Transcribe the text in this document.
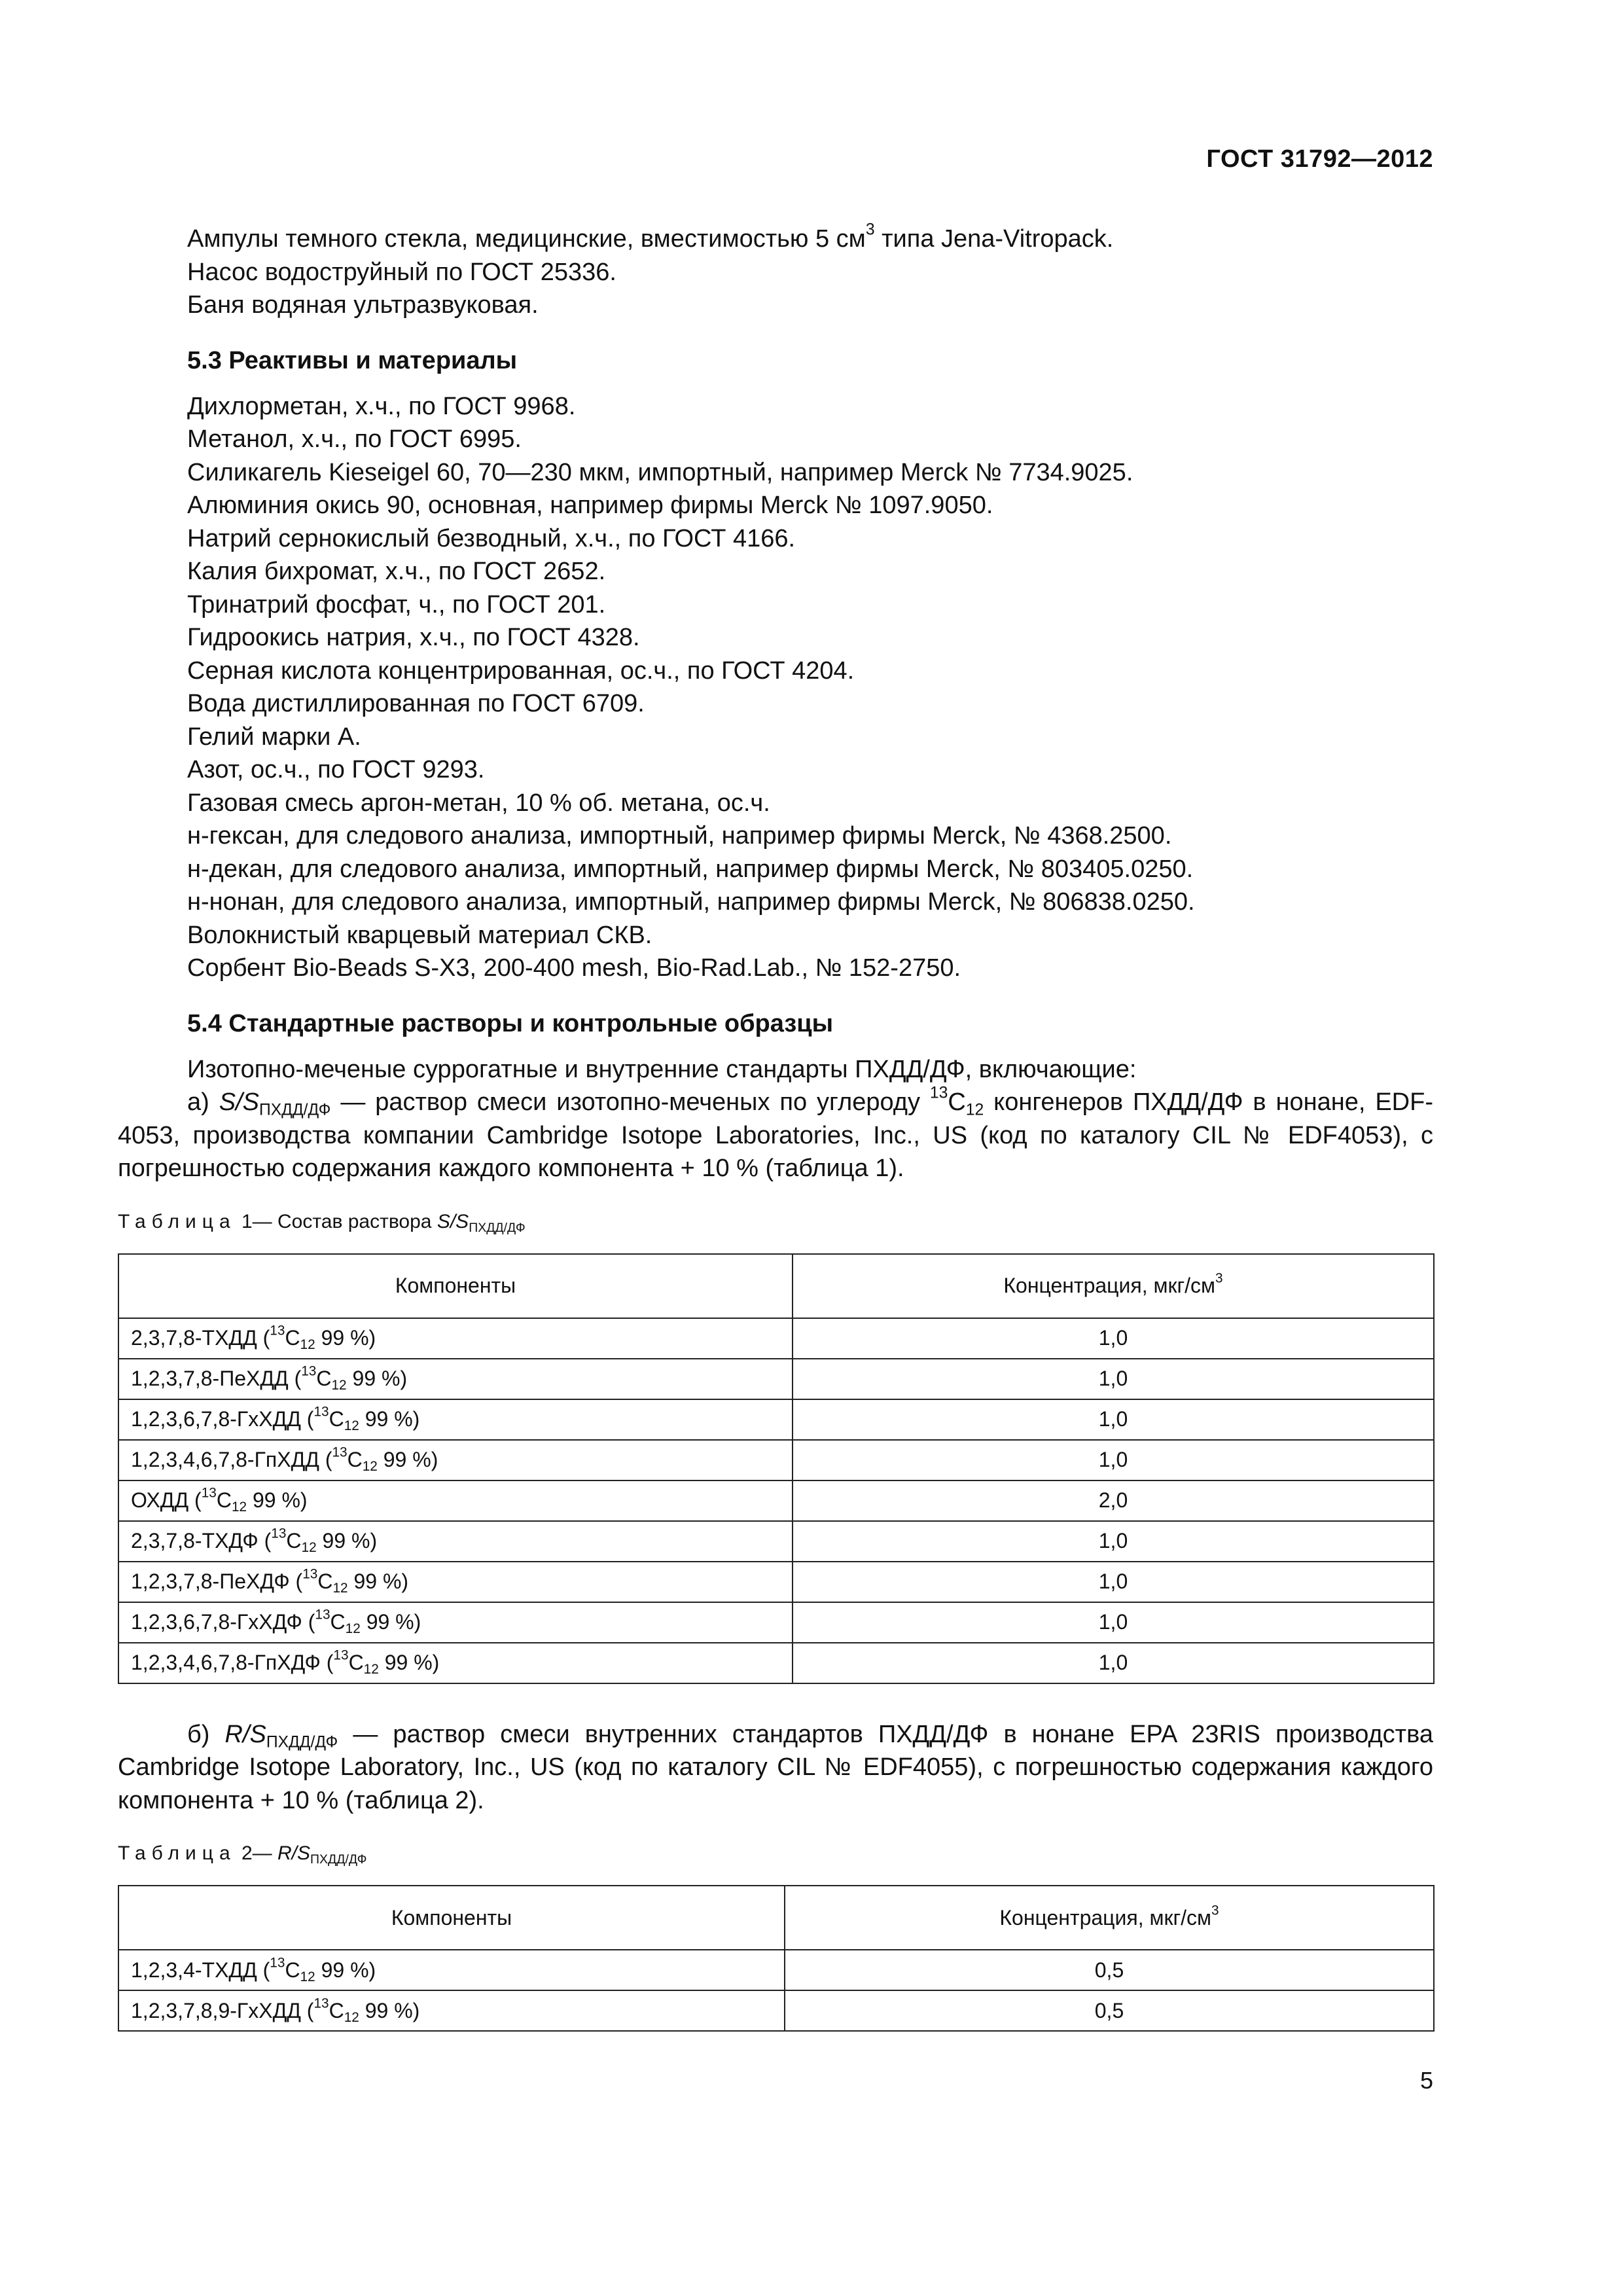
ГОСТ 31792—2012
Ампулы темного стекла, медицинские, вместимостью 5 $см^3$ типа Jena-Vitropack.
Насос водоструйный по ГОСТ 25336.
Баня водяная ультразвуковая.
5.3 Реактивы и материалы
Дихлорметан, х.ч., по ГОСТ 9968.
Метанол, х.ч., по ГОСТ 6995.
Силикагель Kieseigel 60, 70—230 мкм, импортный, например Merck № 7734.9025.
Алюминия окись 90, основная, например фирмы Merck № 1097.9050.
Натрий сернокислый безводный, х.ч., по ГОСТ 4166.
Калия бихромат, х.ч., по ГОСТ 2652.
Тринатрий фосфат, ч., по ГОСТ 201.
Гидроокись натрия, х.ч., по ГОСТ 4328.
Серная кислота концентрированная, ос.ч., по ГОСТ 4204.
Вода дистиллированная по ГОСТ 6709.
Гелий марки А.
Азот, ос.ч., по ГОСТ 9293.
Газовая смесь аргон-метан, 10 % об. метана, ос.ч.
н-гексан, для следового анализа, импортный, например фирмы Merck, № 4368.2500.
н-декан, для следового анализа, импортный, например фирмы Merck, № 803405.0250.
н-нонан, для следового анализа, импортный, например фирмы Merck, № 806838.0250.
Волокнистый кварцевый материал СКВ.
Сорбент Bio-Beads S-X3, 200-400 mesh, Bio-Rad.Lab., № 152-2750.
5.4 Стандартные растворы и контрольные образцы
Изотопно-меченые суррогатные и внутренние стандарты ПХДД/ДФ, включающие:
а) $S/S_{ПХДД/ДФ}$ — раствор смеси изотопно-меченых по углероду $^{13}C_{12}$ конгенеров ПХДД/ДФ в нонане, EDF-4053, производства компании Cambridge Isotope Laboratories, Inc., US (код по каталогу CIL № EDF4053), с погрешностью содержания каждого компонента + 10 % (таблица 1).
Таблица 1— Состав раствора $S/S_{ПХДД/ДФ}$
Компоненты	Концентрация, мкг/$см^3$
2,3,7,8-ТХДД ($^{13}C_{12}$ 99 %)	1,0
1,2,3,7,8-ПеХДД ($^{13}C_{12}$ 99 %)	1,0
1,2,3,6,7,8-ГхХДД ($^{13}C_{12}$ 99 %)	1,0
1,2,3,4,6,7,8-ГпХДД ($^{13}C_{12}$ 99 %)	1,0
ОХДД ($^{13}C_{12}$ 99 %)	2,0
2,3,7,8-ТХДФ ($^{13}C_{12}$ 99 %)	1,0
1,2,3,7,8-ПеХДФ ($^{13}C_{12}$ 99 %)	1,0
1,2,3,6,7,8-ГхХДФ ($^{13}C_{12}$ 99 %)	1,0
1,2,3,4,6,7,8-ГпХДФ ($^{13}C_{12}$ 99 %)	1,0
б) $R/S_{ПХДД/ДФ}$ — раствор смеси внутренних стандартов ПХДД/ДФ в нонане EPA 23RIS производства Cambridge Isotope Laboratory, Inc., US (код по каталогу CIL № EDF4055), с погрешностью содержания каждого компонента + 10 % (таблица 2).
Таблица 2— $R/S_{ПХДД/ДФ}$
Компоненты	Концентрация, мкг/$см^3$
1,2,3,4-ТХДД ($^{13}C_{12}$ 99 %)	0,5
1,2,3,7,8,9-ГхХДД ($^{13}C_{12}$ 99 %)	0,5
5
